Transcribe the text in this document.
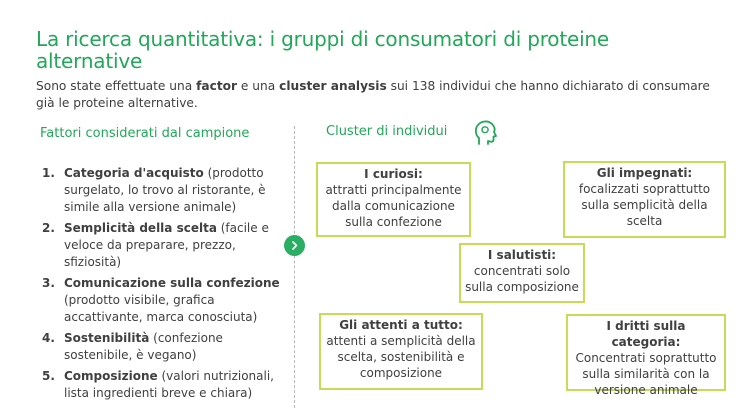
La ricerca quantitativa: i gruppi di consumatori di proteine alternative
Sono state effettuate una factor e una cluster analysis sui 138 individui che hanno dichiarato di consumare già le proteine alternative.
Fattori considerati dal campione	Cluster di individui
1. Categoria d'acquisto (prodotto surgelato, lo trovo al ristorante, è simile alla versione animale)
2. Semplicità della scelta (facile e veloce da preparare, prezzo, sfiziosità)
3. Comunicazione sulla confezione (prodotto visibile, grafica accattivante, marca conosciuta)
4. Sostenibilità (confezione sostenibile, è vegano)
5. Composizione (valori nutrizionali, lista ingredienti breve e chiara)
I curiosi:
attratti principalmente dalla comunicazione sulla confezione
Gli impegnati:
focalizzati soprattutto sulla semplicità della scelta
I salutisti:
concentrati solo sulla composizione
Gli attenti a tutto:
attenti a semplicità della scelta, sostenibilità e composizione
I dritti sulla categoria:
Concentrati soprattutto sulla similarità con la versione animale
